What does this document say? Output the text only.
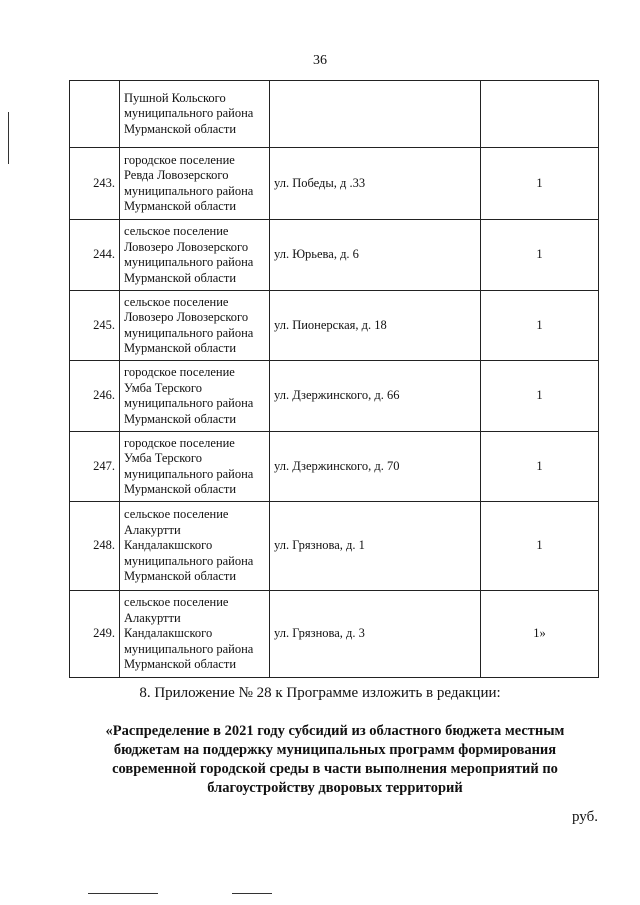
36

	Пушной Кольского
муниципального района
Мурманской области		

243.	городское поселение
Ревда Ловозерского
муниципального района
Мурманской области	ул. Победы, д .33	1
244.	сельское поселение
Ловозеро Ловозерского
муниципального района
Мурманской области	ул. Юрьева, д. 6	1
245.	сельское поселение
Ловозеро Ловозерского
муниципального района
Мурманской области	ул. Пионерская, д. 18	1
246.	городское поселение
Умба Терского
муниципального района
Мурманской области	ул. Дзержинского, д. 66	1
247.	городское поселение
Умба Терского
муниципального района
Мурманской области	ул. Дзержинского, д. 70	1
248.	сельское поселение
Алакуртти
Кандалакшского
муниципального района
Мурманской области	ул. Грязнова, д. 1	1
249.	сельское поселение
Алакуртти
Кандалакшского
муниципального района
Мурманской области	ул. Грязнова, д. 3	1»
8. Приложение № 28 к Программе изложить в редакции:
«Распределение в 2021 году субсидий из областного бюджета местным
бюджетам на поддержку муниципальных программ формирования
современной городской среды в части выполнения мероприятий по
благоустройству дворовых территорий
руб.
